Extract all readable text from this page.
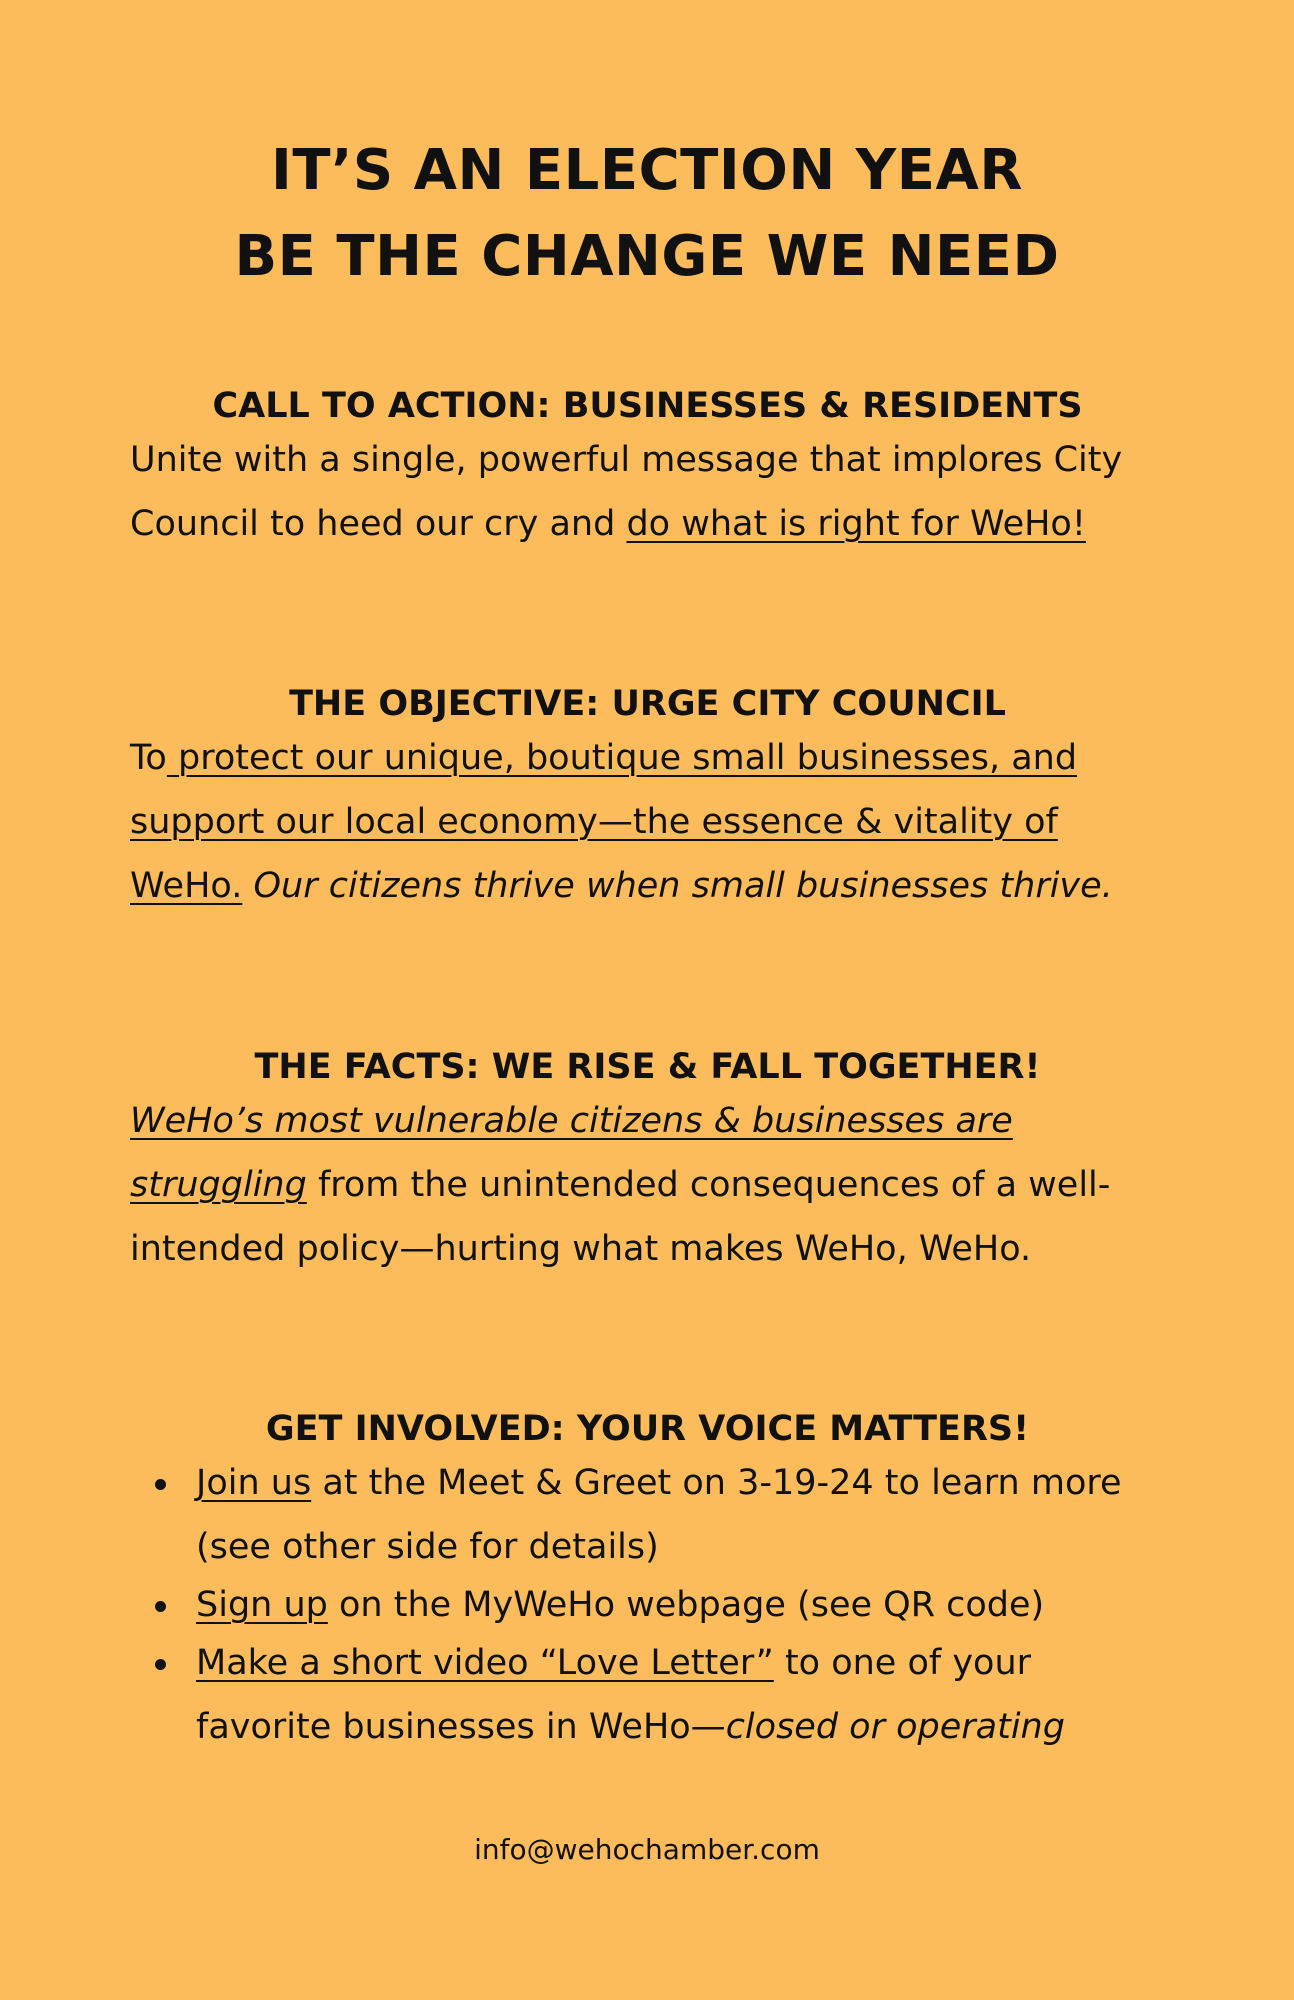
IT’S AN ELECTION YEAR
BE THE CHANGE WE NEED
CALL TO ACTION: BUSINESSES & RESIDENTS

Unite with a single, powerful message that implores City Council to heed our cry and do what is right for WeHo!

THE OBJECTIVE: URGE CITY COUNCIL

To protect our unique, boutique small businesses, and support our local economy—the essence & vitality of WeHo. Our citizens thrive when small businesses thrive.

THE FACTS: WE RISE & FALL TOGETHER!

WeHo’s most vulnerable citizens & businesses are struggling from the unintended consequences of a well-intended policy—hurting what makes WeHo, WeHo.

GET INVOLVED: YOUR VOICE MATTERS!
Join us at the Meet & Greet on 3-19-24 to learn more (see other side for details)
Sign up on the MyWeHo webpage (see QR code)
Make a short video “Love Letter” to one of your favorite businesses in WeHo—closed or operating

info@wehochamber.com
